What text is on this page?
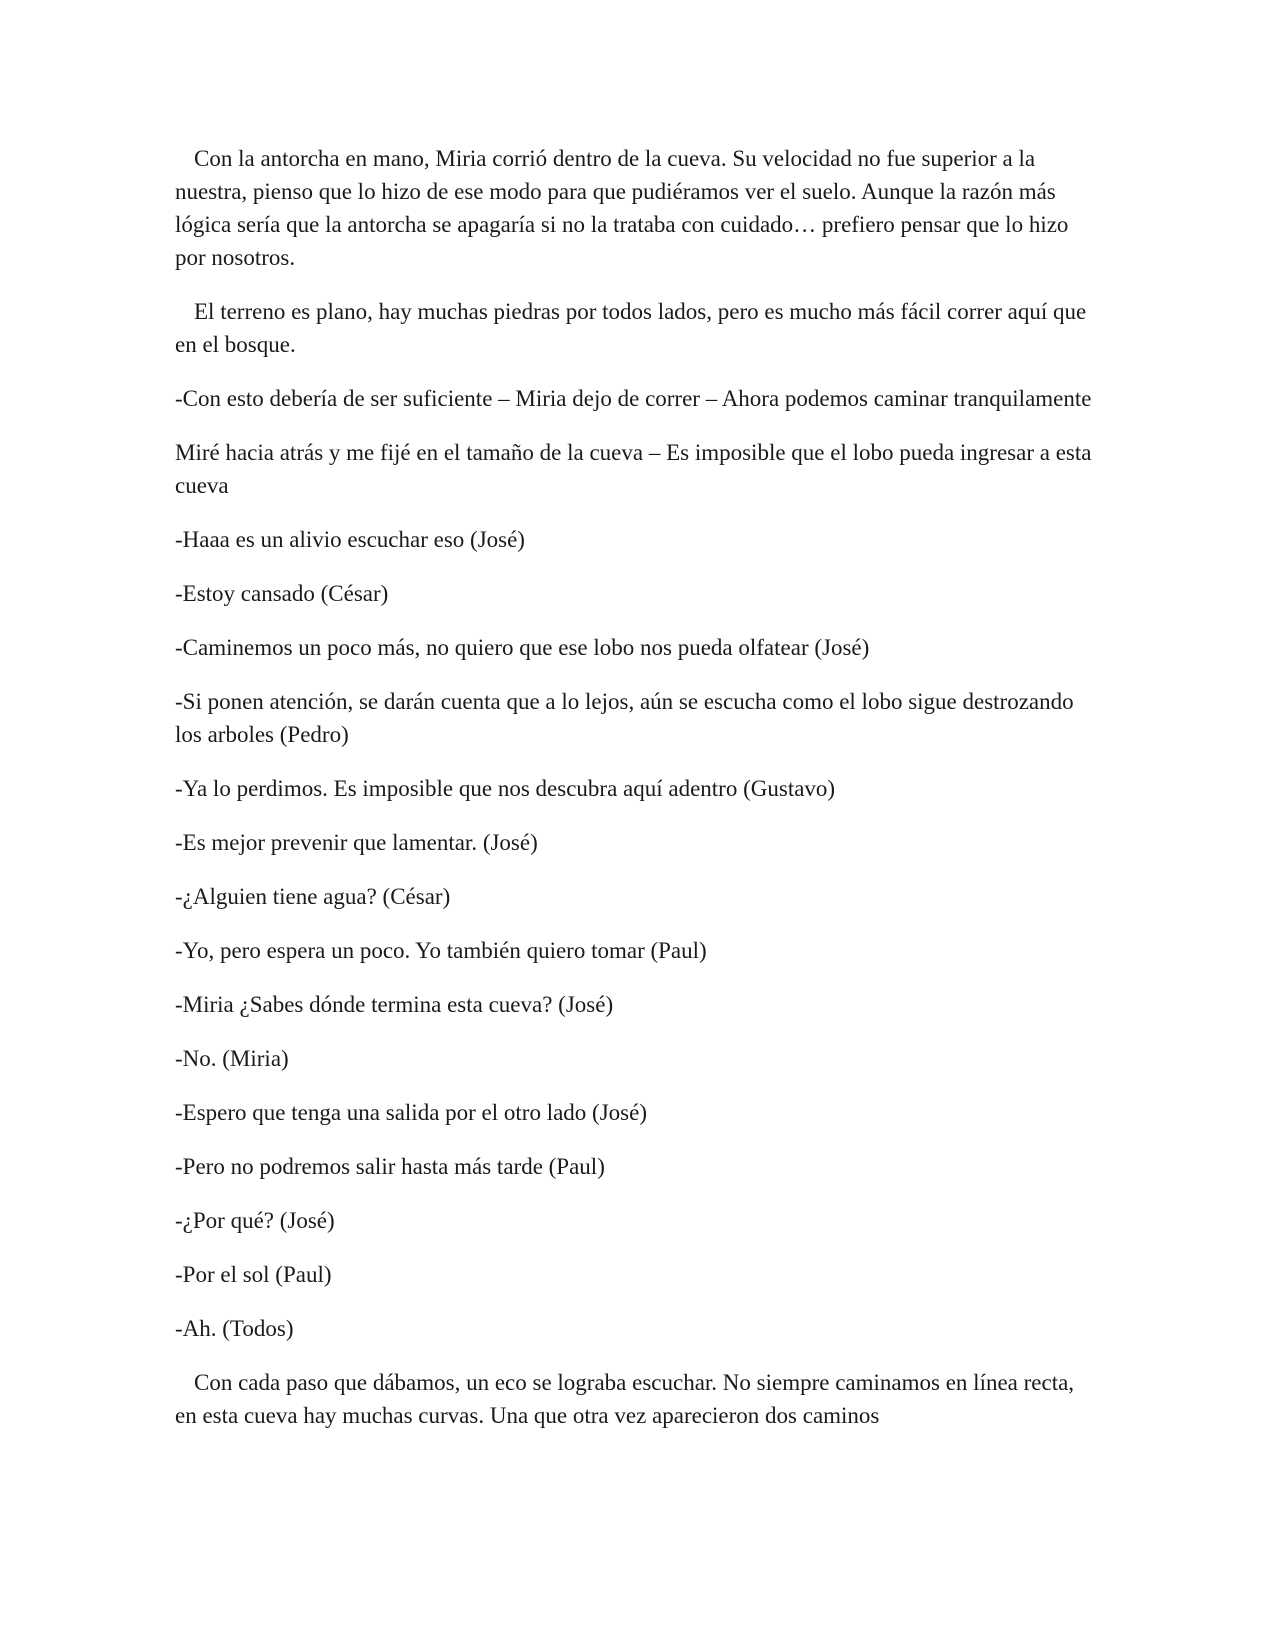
Con la antorcha en mano, Miria corrió dentro de la cueva. Su velocidad no fue superior a la nuestra, pienso que lo hizo de ese modo para que pudiéramos ver el suelo. Aunque la razón más lógica sería que la antorcha se apagaría si no la trataba con cuidado… prefiero pensar que lo hizo por nosotros.

El terreno es plano, hay muchas piedras por todos lados, pero es mucho más fácil correr aquí que en el bosque.

-Con esto debería de ser suficiente – Miria dejo de correr – Ahora podemos caminar tranquilamente

Miré hacia atrás y me fijé en el tamaño de la cueva – Es imposible que el lobo pueda ingresar a esta cueva

-Haaa es un alivio escuchar eso (José)

-Estoy cansado (César)

-Caminemos un poco más, no quiero que ese lobo nos pueda olfatear (José)

-Si ponen atención, se darán cuenta que a lo lejos, aún se escucha como el lobo sigue destrozando los arboles (Pedro)

-Ya lo perdimos. Es imposible que nos descubra aquí adentro (Gustavo)

-Es mejor prevenir que lamentar. (José)

-¿Alguien tiene agua? (César)

-Yo, pero espera un poco. Yo también quiero tomar (Paul)

-Miria ¿Sabes dónde termina esta cueva? (José)

-No. (Miria)

-Espero que tenga una salida por el otro lado (José)

-Pero no podremos salir hasta más tarde (Paul)

-¿Por qué? (José)

-Por el sol (Paul)

-Ah. (Todos)

Con cada paso que dábamos, un eco se lograba escuchar. No siempre caminamos en línea recta, en esta cueva hay muchas curvas. Una que otra vez aparecieron dos caminos
